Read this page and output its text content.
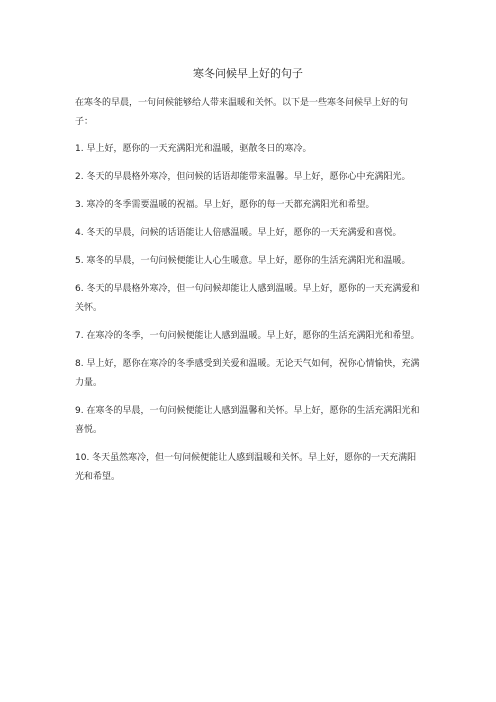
寒冬问候早上好的句子

在寒冬的早晨，一句问候能够给人带来温暖和关怀。以下是一些寒冬问候早上好的句子：

1. 早上好，愿你的一天充满阳光和温暖，驱散冬日的寒冷。

2. 冬天的早晨格外寒冷，但问候的话语却能带来温馨。早上好，愿你心中充满阳光。

3. 寒冷的冬季需要温暖的祝福。早上好，愿你的每一天都充满阳光和希望。

4. 冬天的早晨，问候的话语能让人倍感温暖。早上好，愿你的一天充满爱和喜悦。

5. 寒冬的早晨，一句问候便能让人心生暖意。早上好，愿你的生活充满阳光和温暖。

6. 冬天的早晨格外寒冷，但一句问候却能让人感到温暖。早上好，愿你的一天充满爱和关怀。

7. 在寒冷的冬季，一句问候便能让人感到温暖。早上好，愿你的生活充满阳光和希望。

8. 早上好，愿你在寒冷的冬季感受到关爱和温暖。无论天气如何，祝你心情愉快，充满力量。

9. 在寒冬的早晨，一句问候便能让人感到温馨和关怀。早上好，愿你的生活充满阳光和喜悦。

10. 冬天虽然寒冷，但一句问候便能让人感到温暖和关怀。早上好，愿你的一天充满阳光和希望。
